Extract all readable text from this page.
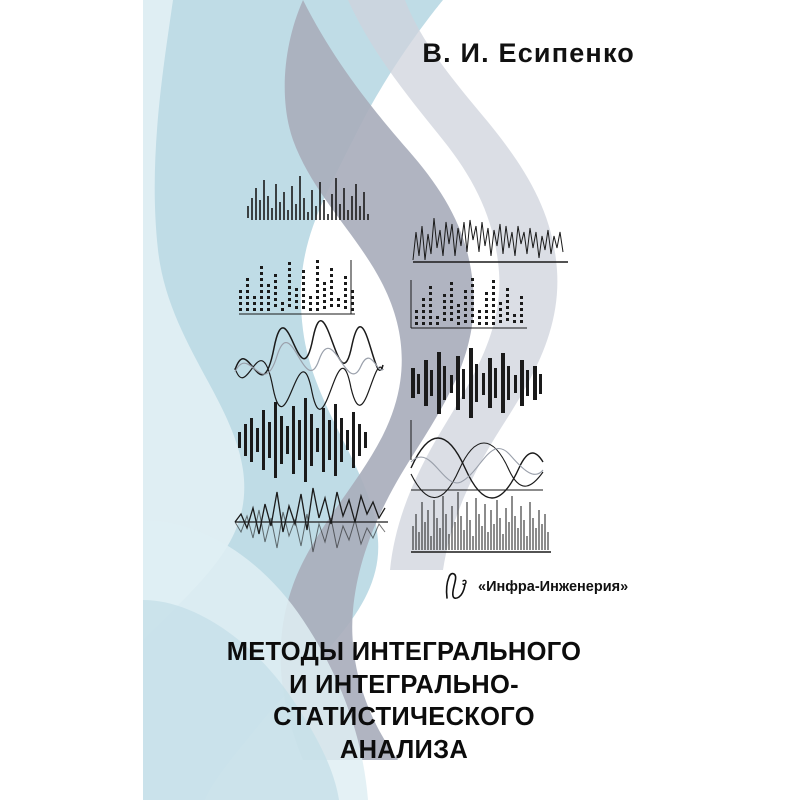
В. И. Есипенко
«Инфра-Инженерия»
МЕТОДЫ ИНТЕГРАЛЬНОГО
И ИНТЕГРАЛЬНО-
СТАТИСТИЧЕСКОГО
АНАЛИЗА
